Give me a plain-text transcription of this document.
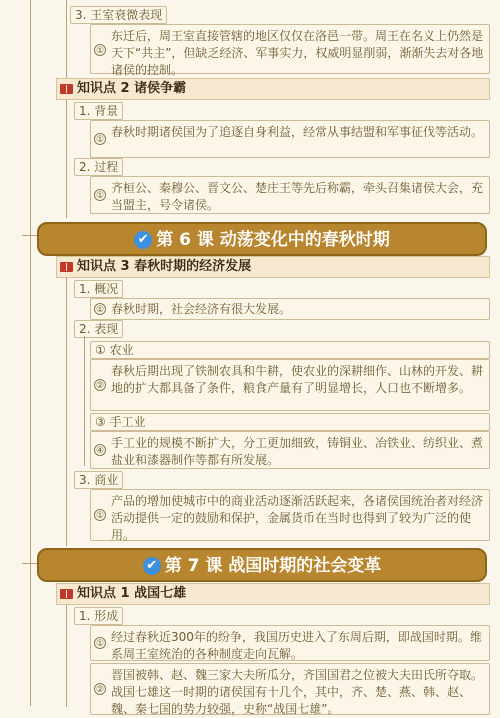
3. 王室衰微表现
①
东迁后，周王室直接管辖的地区仅仅在洛邑一带。周王在名义上仍然是天下“共主”，但缺乏经济、军事实力，权威明显削弱，渐渐失去对各地诸侯的控制。
知识点 2 诸侯争霸
1. 背景
①
春秋时期诸侯国为了追逐自身利益，经常从事结盟和军事征伐等活动。
2. 过程
①
齐桓公、秦穆公、晋文公、楚庄王等先后称霸，牵头召集诸侯大会，充当盟主，号令诸侯。
✔ 第 6 课 动荡变化中的春秋时期
知识点 3 春秋时期的经济发展
1. 概况
① 春秋时期，社会经济有很大发展。
2. 表现
① 农业
②
春秋后期出现了铁制农具和牛耕，使农业的深耕细作、山林的开发、耕地的扩大都具备了条件，粮食产量有了明显增长，人口也不断增多。
③ 手工业
④
手工业的规模不断扩大，分工更加细致，铸铜业、冶铁业、纺织业、煮盐业和漆器制作等都有所发展。
3. 商业
①
产品的增加使城市中的商业活动逐渐活跃起来，各诸侯国统治者对经济活动提供一定的鼓励和保护，金属货币在当时也得到了较为广泛的使用。
✔ 第 7 课 战国时期的社会变革
知识点 1 战国七雄
1. 形成
① 经过春秋近300年的纷争，我国历史进入了东周后期，即战国时期。维系周王室统治的各种制度走向瓦解。
②
晋国被韩、赵、魏三家大夫所瓜分，齐国国君之位被大夫田氏所夺取。战国七雄这一时期的诸侯国有十几个，其中，齐、楚、燕、韩、赵、魏、秦七国的势力较强，史称“战国七雄”。
